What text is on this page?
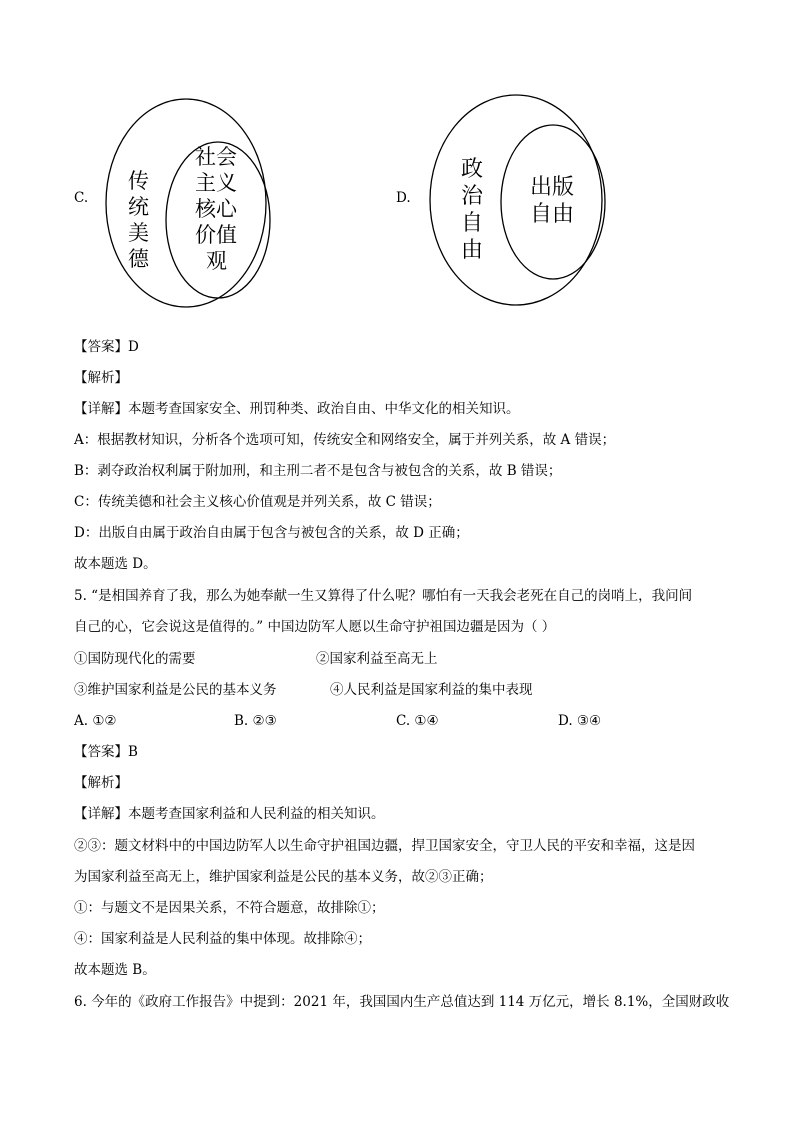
C.
传
统
美
德
社会
主义
核心
价值
观
D.
政
治
自
由
出版
自由
【答案】D
【解析】
【详解】本题考查国家安全、刑罚种类、政治自由、中华文化的相关知识。
A：根据教材知识，分析各个选项可知，传统安全和网络安全，属于并列关系，故 A 错误；
B：剥夺政治权利属于附加刑，和主刑二者不是包含与被包含的关系，故 B 错误；
C：传统美德和社会主义核心价值观是并列关系，故 C 错误；
D：出版自由属于政治自由属于包含与被包含的关系，故 D 正确；
故本题选 D。
5. “是相国养育了我，那么为她奉献一生又算得了什么呢？哪怕有一天我会老死在自己的岗哨上，我问间
自己的心，它会说这是值得的。” 中国边防军人愿以生命守护祖国边疆是因为（ ）
①国防现代化的需要	②国家利益至高无上
③维护国家利益是公民的基本义务	④人民利益是国家利益的集中表现
A. ①②	B. ②③	C. ①④	D. ③④
【答案】B
【解析】
【详解】本题考查国家利益和人民利益的相关知识。
②③：题文材料中的中国边防军人以生命守护祖国边疆，捍卫国家安全，守卫人民的平安和幸福，这是因
为国家利益至高无上，维护国家利益是公民的基本义务，故②③正确；
①：与题文不是因果关系，不符合题意，故排除①；
④：国家利益是人民利益的集中体现。故排除④；
故本题选 B。
6. 今年的《政府工作报告》中提到：2021 年，我国国内生产总值达到 114 万亿元，增长 8.1%，全国财政收
